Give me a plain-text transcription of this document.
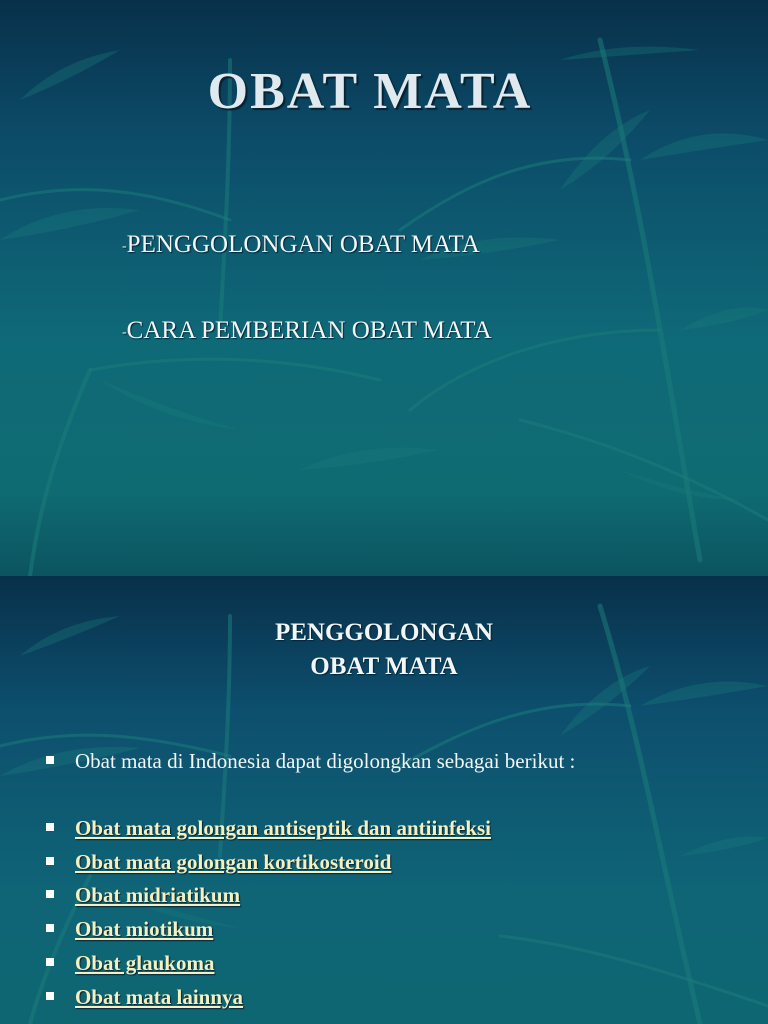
OBAT MATA
-PENGGOLONGAN OBAT MATA
-CARA PEMBERIAN OBAT MATA
PENGGOLONGAN
OBAT MATA
Obat mata di Indonesia dapat digolongkan sebagai berikut :
Obat mata golongan antiseptik dan antiinfeksi
Obat mata golongan kortikosteroid
Obat midriatikum
Obat miotikum
Obat glaukoma
Obat mata lainnya
